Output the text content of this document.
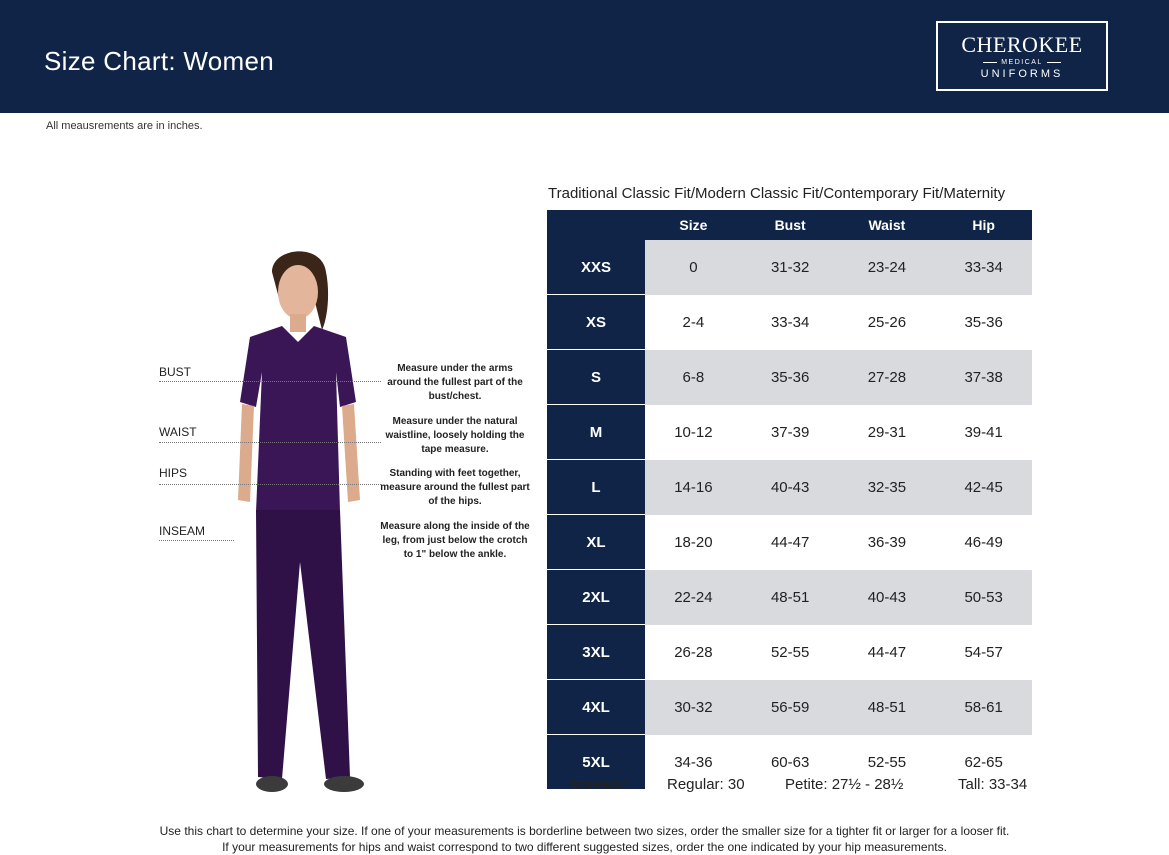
Size Chart: Women
CHEROKEE
MEDICAL
UNIFORMS
All meausrements are in inches.
BUST	Measure under the arms around the fullest part of the bust/chest.
WAIST
Measure under the natural waistline, loosely holding the tape measure.
HIPS	Standing with feet together, measure around the fullest part of the hips.
INSEAM	Measure along the inside of the leg, from just below the crotch to 1" below the ankle.
Traditional Classic Fit/Modern Classic Fit/Contemporary Fit/Maternity
	Size	Bust	Waist	Hip
XXS	0	31-32	23-24	33-34
XS	2-4	33-34	25-26	35-36
S	6-8	35-36	27-28	37-38
M	10-12	37-39	29-31	39-41
L	14-16	40-43	32-35	42-45
XL	18-20	44-47	36-39	46-49
2XL	22-24	48-51	40-43	50-53
3XL	26-28	52-55	44-47	54-57
4XL	30-32	56-59	48-51	58-61
5XL	34-36	60-63	52-55	62-65
Inseam:	Regular: 30	Petite: 27½ - 28½	Tall: 33-34
Use this chart to determine your size. If one of your measurements is borderline between two sizes, order the smaller size for a tighter fit or larger for a looser fit.
If your measurements for hips and waist correspond to two different suggested sizes, order the one indicated by your hip measurements.
